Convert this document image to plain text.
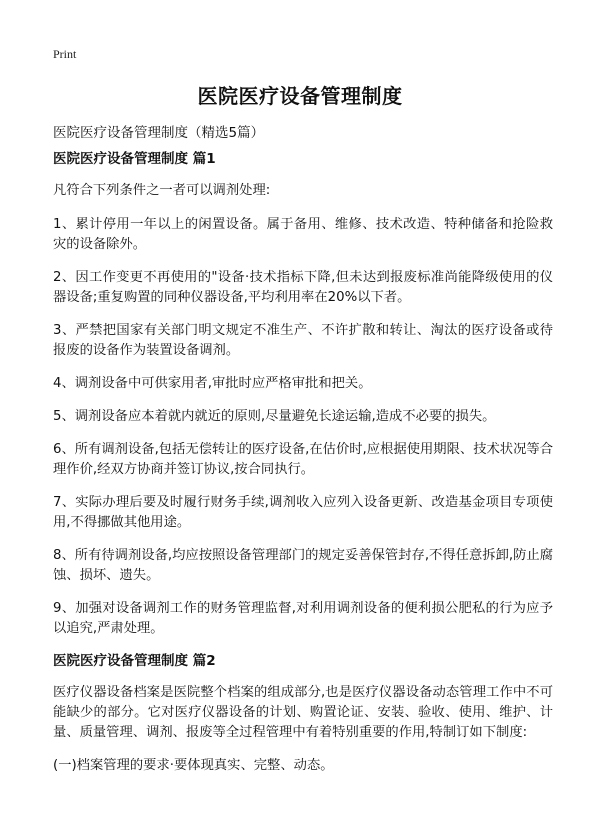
Print
医院医疗设备管理制度
医院医疗设备管理制度（精选5篇）
医院医疗设备管理制度 篇1

凡符合下列条件之一者可以调剂处理:

1、累计停用一年以上的闲置设备。属于备用、维修、技术改造、特种储备和抢险救灾的设备除外。

2、因工作变更不再使用的"设备·技术指标下降,但未达到报废标准尚能降级使用的仪器设备;重复购置的同种仪器设备,平均利用率在20%以下者。

3、严禁把国家有关部门明文规定不准生产、不许扩散和转让、淘汰的医疗设备或待报废的设备作为装置设备调剂。

4、调剂设备中可供家用者,审批时应严格审批和把关。

5、调剂设备应本着就内就近的原则,尽量避免长途运输,造成不必要的损失。

6、所有调剂设备,包括无偿转让的医疗设备,在估价时,应根据使用期限、技术状况等合理作价,经双方协商并签订协议,按合同执行。

7、实际办理后要及时履行财务手续,调剂收入应列入设备更新、改造基金项目专项使用,不得挪做其他用途。

8、所有待调剂设备,均应按照设备管理部门的规定妥善保管封存,不得任意拆卸,防止腐蚀、损坏、遗失。

9、加强对设备调剂工作的财务管理监督,对利用调剂设备的便利损公肥私的行为应予以追究,严肃处理。

医院医疗设备管理制度 篇2

医疗仪器设备档案是医院整个档案的组成部分,也是医疗仪器设备动态管理工作中不可能缺少的部分。它对医疗仪器设备的计划、购置论证、安装、验收、使用、维护、计量、质量管理、调剂、报废等全过程管理中有着特别重要的作用,特制订如下制度:

(一)档案管理的要求·要体现真实、完整、动态。
